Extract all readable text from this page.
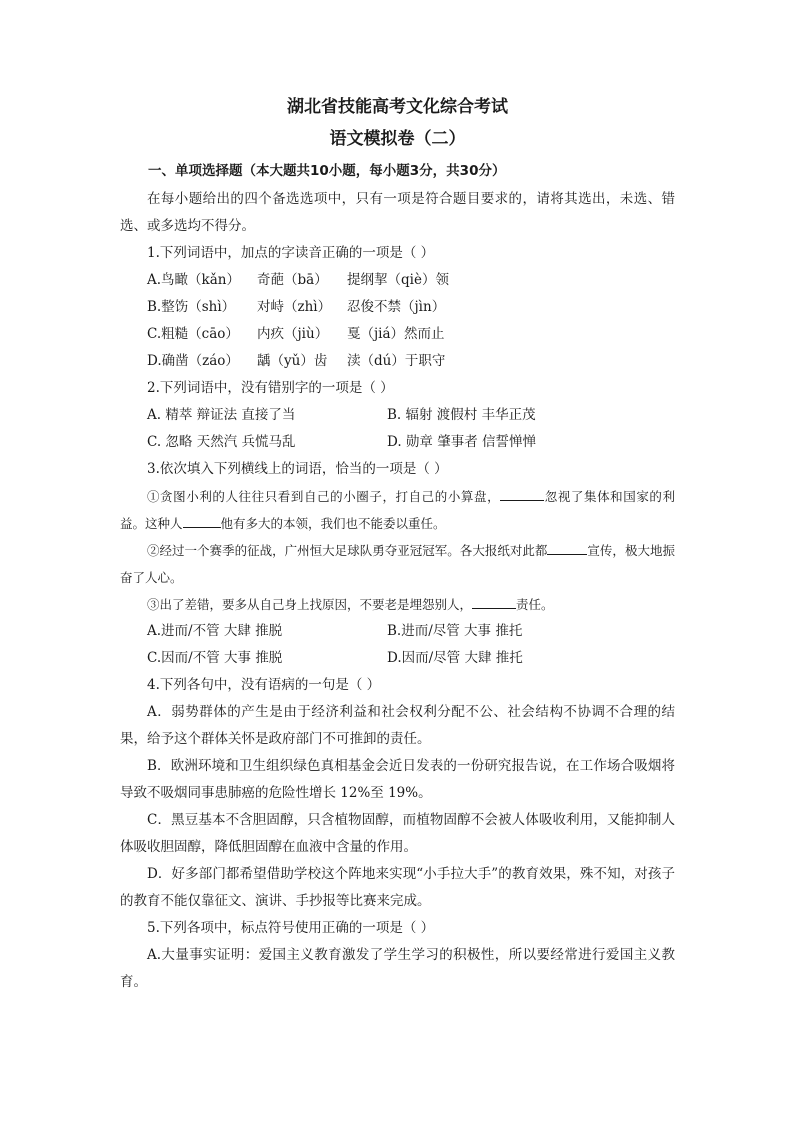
湖北省技能高考文化综合考试

语文模拟卷（二）

一、单项选择题（本大题共10小题，每小题3分，共30分）

在每小题给出的四个备选选项中，只有一项是符合题目要求的，请将其选出，未选、错选、或多选均不得分。

1.下列词语中，加点的字读音正确的一项是（ ）

A.鸟瞰（kǎn）	奇葩（bā）	提纲挈（qiè）领
B.整饬（shì）	对峙（zhì）	忍俊不禁（jìn）
C.粗糙（cāo）	内疚（jiù）	戛（jiá）然而止
D.确凿（záo）	龋（yǔ）齿	渎（dú）于职守

2.下列词语中，没有错别字的一项是（ ）

A. 精萃 辩证法 直接了当	B. 辐射 渡假村 丰华正茂
C. 忽略 天然汽 兵慌马乱	D. 勋章 肇事者 信誓惮惮

3.依次填入下列横线上的词语，恰当的一项是（ ）

①贪图小利的人往往只看到自己的小圈子，打自己的小算盘，	忽视了集体和国家的利益。这种人	他有多大的本领，我们也不能委以重任。

②经过一个赛季的征战，广州恒大足球队勇夺亚冠冠军。各大报纸对此都	宣传，极大地振奋了人心。

③出了差错，要多从自己身上找原因，不要老是埋怨别人，	责任。

A.进而/不管 大肆 推脱	B.进而/尽管 大事 推托
C.因而/不管 大事 推脱	D.因而/尽管 大肆 推托

4.下列各句中，没有语病的一句是（ ）

A．弱势群体的产生是由于经济利益和社会权利分配不公、社会结构不协调不合理的结果，给予这个群体关怀是政府部门不可推卸的责任。

B．欧洲环境和卫生组织绿色真相基金会近日发表的一份研究报告说，在工作场合吸烟将导致不吸烟同事患肺癌的危险性增长 12%至 19%。

C．黑豆基本不含胆固醇，只含植物固醇，而植物固醇不会被人体吸收利用，又能抑制人体吸收胆固醇，降低胆固醇在血液中含量的作用。

D．好多部门都希望借助学校这个阵地来实现“小手拉大手”的教育效果，殊不知，对孩子的教育不能仅靠征文、演讲、手抄报等比赛来完成。

5.下列各项中，标点符号使用正确的一项是（ ）

A.大量事实证明：爱国主义教育激发了学生学习的积极性，所以要经常进行爱国主义教育。
